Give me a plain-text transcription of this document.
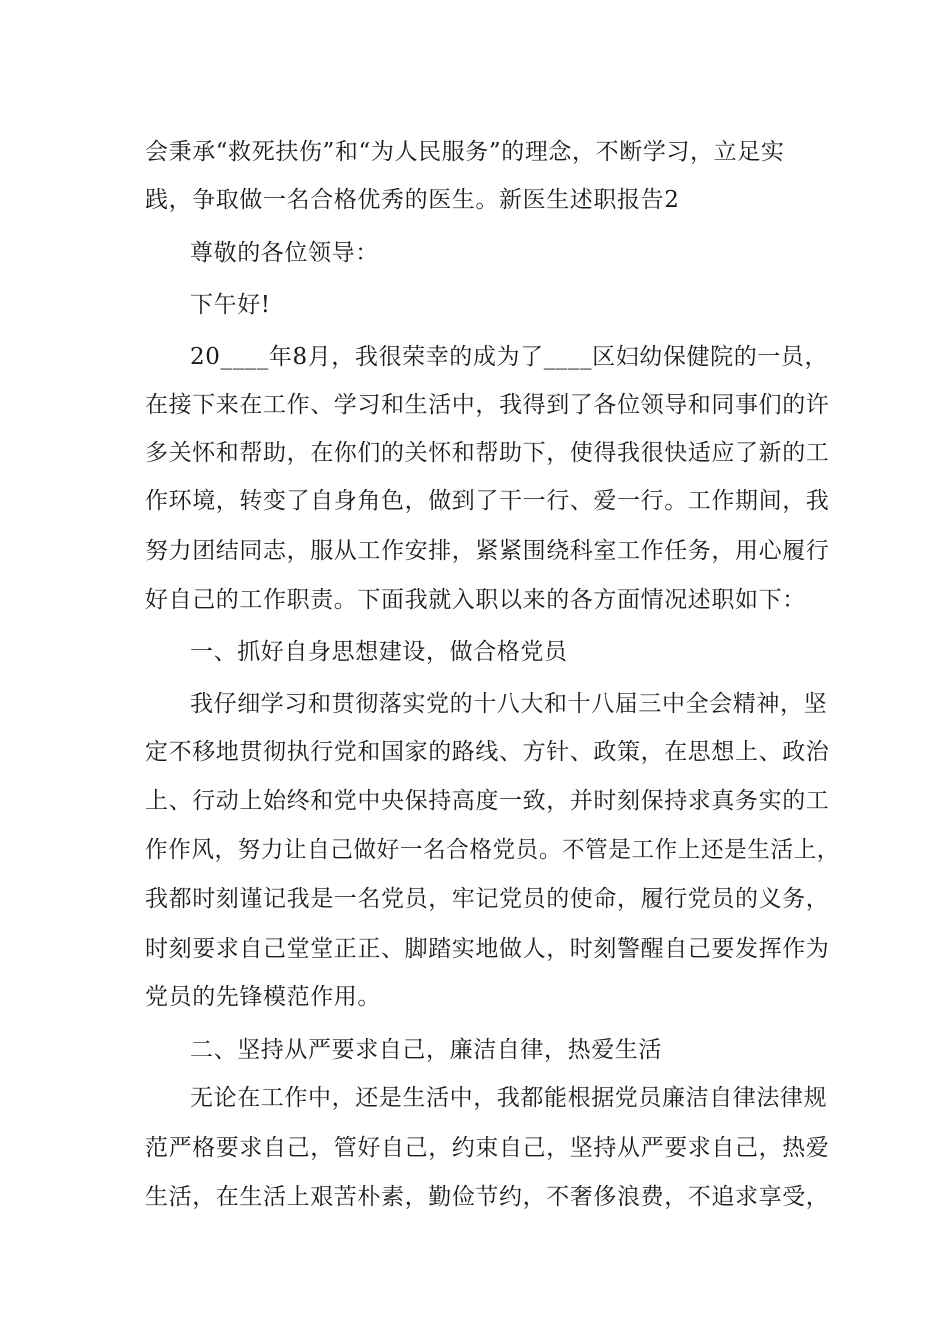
会秉承“救死扶伤”和“为人民服务”的理念，不断学习，立足实
践，争取做一名合格优秀的医生。新医生述职报告2
尊敬的各位领导：
下午好!
20____年8月，我很荣幸的成为了____区妇幼保健院的一员，
在接下来在工作、学习和生活中，我得到了各位领导和同事们的许
多关怀和帮助，在你们的关怀和帮助下，使得我很快适应了新的工
作环境，转变了自身角色，做到了干一行、爱一行。工作期间，我
努力团结同志，服从工作安排，紧紧围绕科室工作任务，用心履行
好自己的工作职责。下面我就入职以来的各方面情况述职如下：
一、抓好自身思想建设，做合格党员
我仔细学习和贯彻落实党的十八大和十八届三中全会精神，坚
定不移地贯彻执行党和国家的路线、方针、政策，在思想上、政治
上、行动上始终和党中央保持高度一致，并时刻保持求真务实的工
作作风，努力让自己做好一名合格党员。不管是工作上还是生活上，
我都时刻谨记我是一名党员，牢记党员的使命，履行党员的义务，
时刻要求自己堂堂正正、脚踏实地做人，时刻警醒自己要发挥作为
党员的先锋模范作用。
二、坚持从严要求自己，廉洁自律，热爱生活
无论在工作中，还是生活中，我都能根据党员廉洁自律法律规
范严格要求自己，管好自己，约束自己，坚持从严要求自己，热爱
生活，在生活上艰苦朴素，勤俭节约，不奢侈浪费，不追求享受，
